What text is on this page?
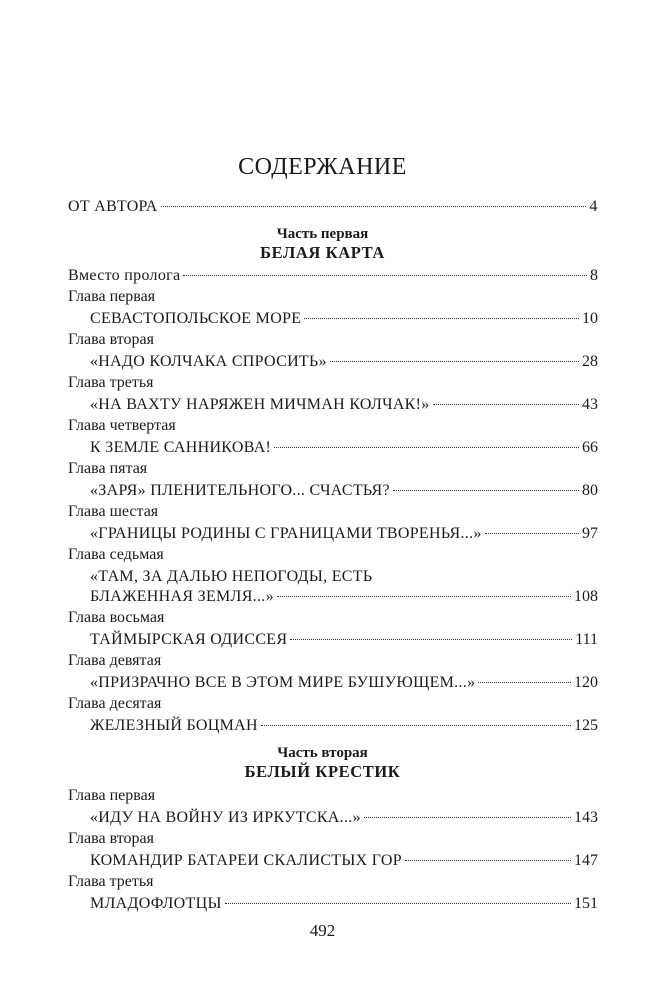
СОДЕРЖАНИЕ
ОТ АВТОРА	4
Часть первая
БЕЛАЯ КАРТА
Вместо пролога	8
Глава первая
СЕВАСТОПОЛЬСКОЕ МОРЕ	10
Глава вторая
«НАДО КОЛЧАКА СПРОСИТЬ»	28
Глава третья
«НА ВАХТУ НАРЯЖЕН МИЧМАН КОЛЧАК!»	43
Глава четвертая
К ЗЕМЛЕ САННИКОВА!	66
Глава пятая
«ЗАРЯ» ПЛЕНИТЕЛЬНОГО... СЧАСТЬЯ?	80
Глава шестая
«ГРАНИЦЫ РОДИНЫ С ГРАНИЦАМИ ТВОРЕНЬЯ...»	97
Глава седьмая
«ТАМ, ЗА ДАЛЬЮ НЕПОГОДЫ, ЕСТЬ
БЛАЖЕННАЯ ЗЕМЛЯ...»	108
Глава восьмая
ТАЙМЫРСКАЯ ОДИССЕЯ	111
Глава девятая
«ПРИЗРАЧНО ВСЕ В ЭТОМ МИРЕ БУШУЮЩЕМ...»	120
Глава десятая
ЖЕЛЕЗНЫЙ БОЦМАН	125
Часть вторая
БЕЛЫЙ КРЕСТИК
Глава первая
«ИДУ НА ВОЙНУ ИЗ ИРКУТСКА...»	143
Глава вторая
КОМАНДИР БАТАРЕИ СКАЛИСТЫХ ГОР	147
Глава третья
МЛАДОФЛОТЦЫ	151
492
